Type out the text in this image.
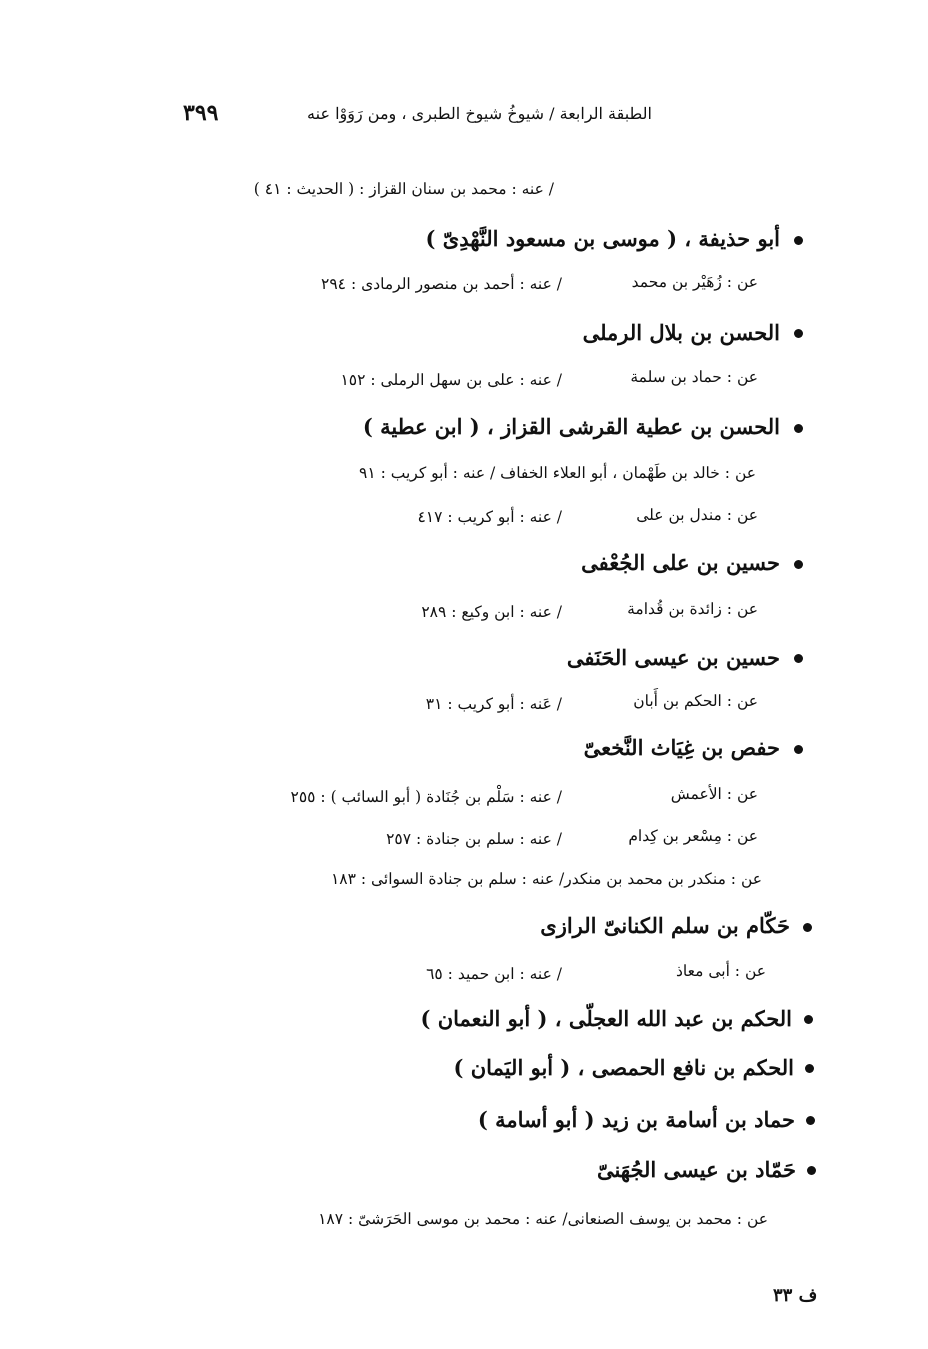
الطبقة الرابعة / شيوخُ شيوخ الطبرى ، ومن رَوَوْا عنه
٣٩٩
/ عنه : محمد بن سنان القزاز : ( الحديث : ٤١ )
أبو حذيفة ، ( موسى بن مسعود النَّهْدِىّ )
عن : زُهَيْر بن محمد
/ عنه : أحمد بن منصور الرمادى : ٢٩٤
الحسن بن بلال الرملى
عن : حماد بن سلمة
/ عنه : على بن سهل الرملى : ١٥٢
الحسن بن عطية القرشى القزاز ، ( ابن عطية )
عن : خالد بن طَهْمان ، أبو العلاء الخفاف / عنه : أبو كريب : ٩١
عن : مندل بن على
/ عنه : أبو كريب : ٤١٧
حسين بن على الجُعْفى
عن : زائدة بن قُدامة
/ عنه : ابن وكيع : ٢٨٩
حسين بن عيسى الحَنَفى
عن : الحكم بن أَبان
/ عَنه : أبو كريب : ٣١
حفص بن غِيَاث النَّخعىّ
عن : الأعمش
/ عنه : سَلْم بن جُنَادة ( أبو السائب ) : ٢٥٥
عن : مِسْعر بن كِدام
/ عنه : سلم بن جنادة : ٢٥٧
عن : منكدر بن محمد بن منكدر/ عنه : سلم بن جنادة السوائى : ١٨٣
حَكّام بن سلم الكنانىّ الرازى
عن : أبى معاذ
/ عنه : ابن حميد : ٦٥
الحكم بن عبد الله العجلّى ، ( أبو النعمان )
الحكم بن نافع الحمصى ، ( أبو اليَمان )
حماد بن أسامة بن زيد ( أبو أسامة )
حَمّاد بن عيسى الجُهَنىّ
عن : محمد بن يوسف الصنعانى/ عنه : محمد بن موسى الحَرَشىّ : ١٨٧
ف ٣٣
